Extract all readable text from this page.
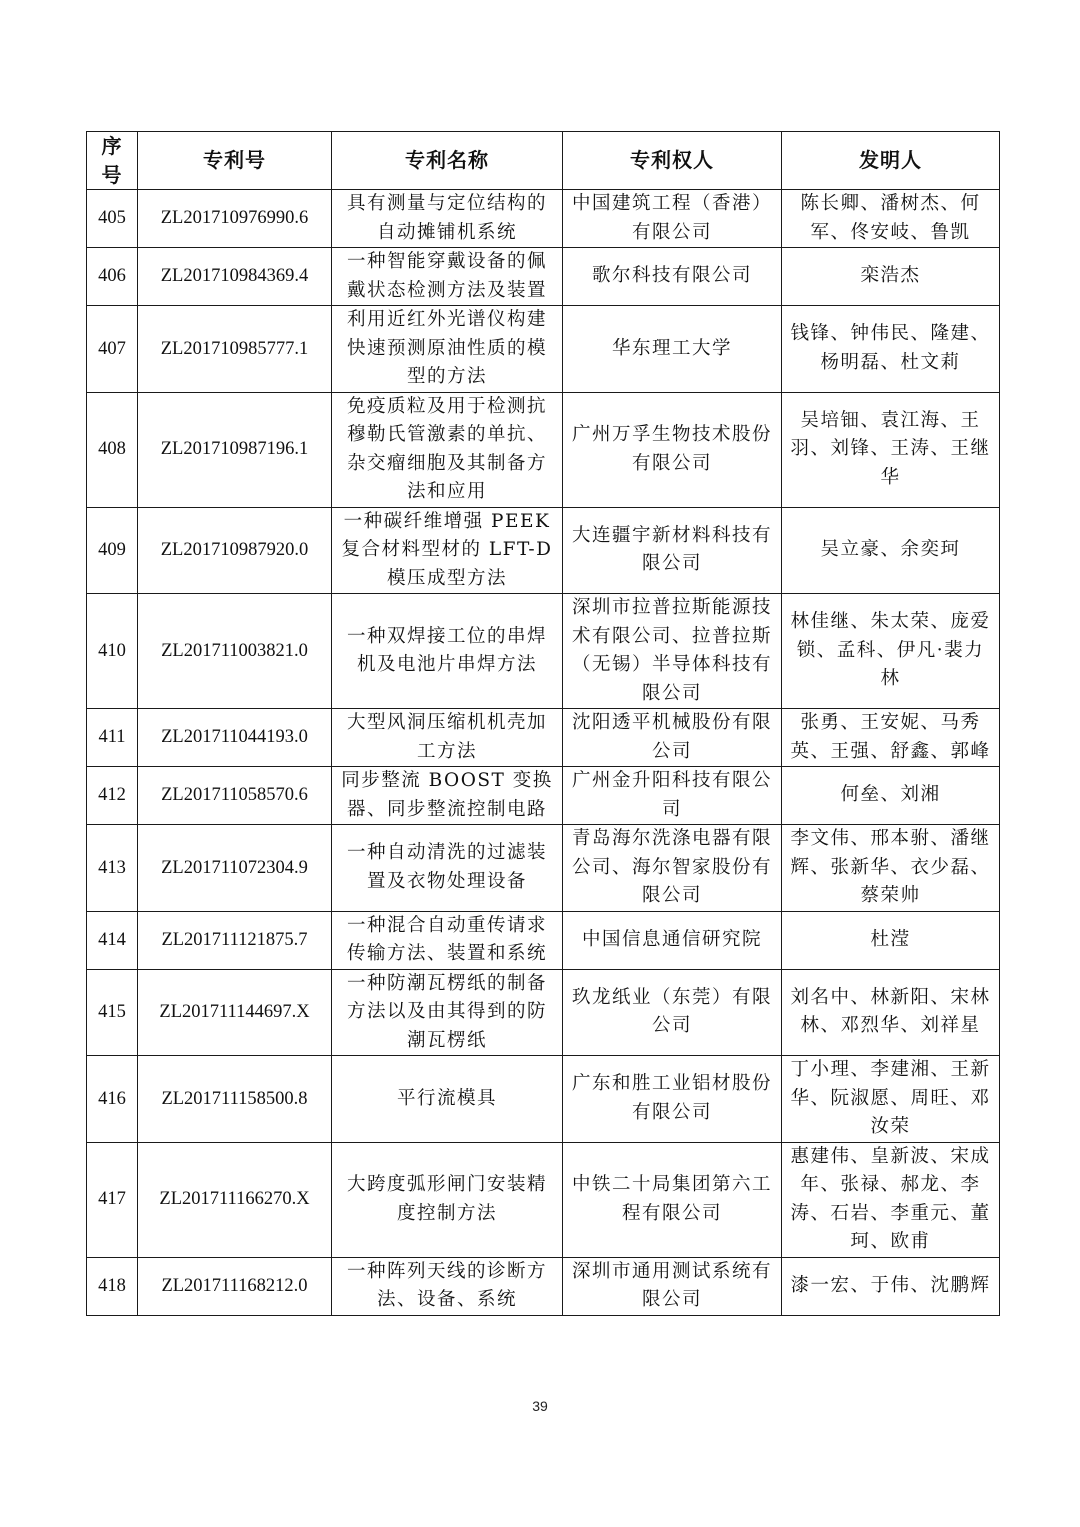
序号	专利号	专利名称	专利权人	发明人
405	ZL201710976990.6	具有测量与定位结构的自动摊铺机系统	中国建筑工程（香港）有限公司	陈长卿、潘树杰、何军、佟安岐、鲁凯
406	ZL201710984369.4	一种智能穿戴设备的佩戴状态检测方法及装置	歌尔科技有限公司	栾浩杰
407	ZL201710985777.1	利用近红外光谱仪构建快速预测原油性质的模型的方法	华东理工大学	钱锋、钟伟民、隆建、杨明磊、杜文莉
408	ZL201710987196.1	免疫质粒及用于检测抗穆勒氏管激素的单抗、杂交瘤细胞及其制备方法和应用	广州万孚生物技术股份有限公司	吴培钿、袁江海、王羽、刘锋、王涛、王继华
409	ZL201710987920.0	一种碳纤维增强 PEEK 复合材料型材的 LFT-D 模压成型方法	大连疆宇新材料科技有限公司	吴立豪、余奕珂
410	ZL201711003821.0	一种双焊接工位的串焊机及电池片串焊方法	深圳市拉普拉斯能源技术有限公司、拉普拉斯（无锡）半导体科技有限公司	林佳继、朱太荣、庞爱锁、孟科、伊凡·裴力林
411	ZL201711044193.0	大型风洞压缩机机壳加工方法	沈阳透平机械股份有限公司	张勇、王安妮、马秀英、王强、舒鑫、郭峰
412	ZL201711058570.6	同步整流 BOOST 变换器、同步整流控制电路	广州金升阳科技有限公司	何垒、刘湘
413	ZL201711072304.9	一种自动清洗的过滤装置及衣物处理设备	青岛海尔洗涤电器有限公司、海尔智家股份有限公司	李文伟、邢本驸、潘继辉、张新华、衣少磊、蔡荣帅
414	ZL201711121875.7	一种混合自动重传请求传输方法、装置和系统	中国信息通信研究院	杜滢
415	ZL201711144697.X	一种防潮瓦楞纸的制备方法以及由其得到的防潮瓦楞纸	玖龙纸业（东莞）有限公司	刘名中、林新阳、宋林林、邓烈华、刘祥星
416	ZL201711158500.8	平行流模具	广东和胜工业铝材股份有限公司	丁小理、李建湘、王新华、阮淑愿、周旺、邓汝荣
417	ZL201711166270.X	大跨度弧形闸门安装精度控制方法	中铁二十局集团第六工程有限公司	惠建伟、皇新波、宋成年、张禄、郝龙、李涛、石岩、李重元、董珂、欧甫
418	ZL201711168212.0	一种阵列天线的诊断方法、设备、系统	深圳市通用测试系统有限公司	漆一宏、于伟、沈鹏辉
39
